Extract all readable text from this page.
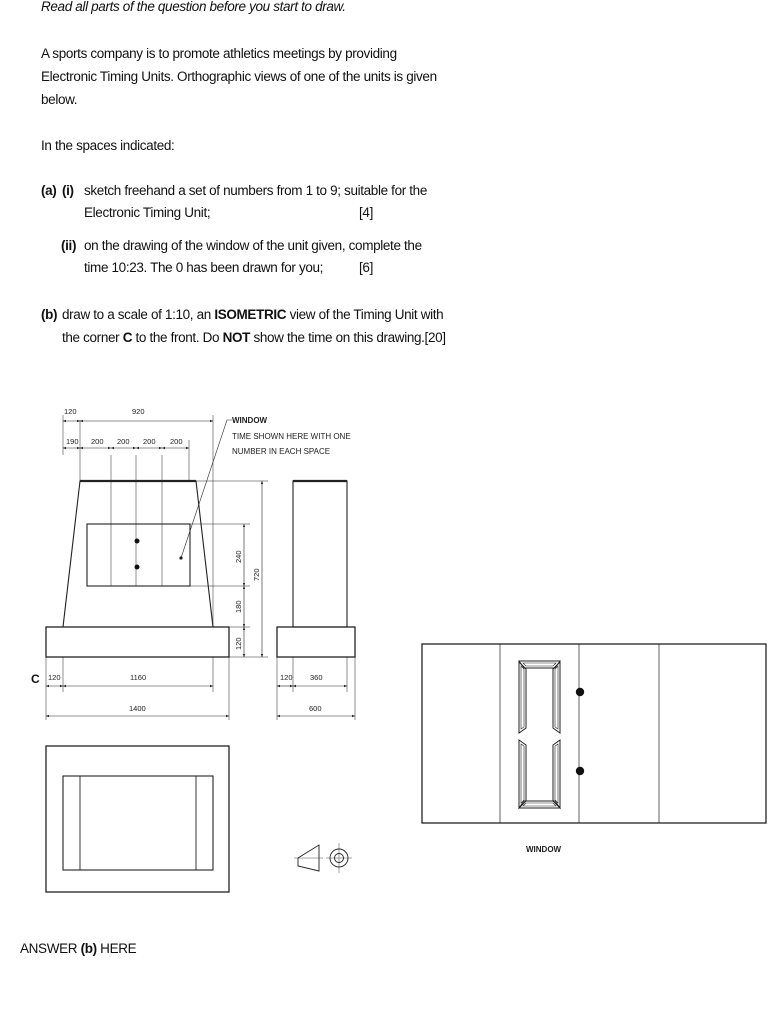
Read all parts of the question before you start to draw.
A sports company is to promote athletics meetings by providing
Electronic Timing Units. Orthographic views of one of the units is given
below.
In the spaces indicated:
(a) (i) sketch freehand a set of numbers from 1 to 9; suitable for the
Electronic Timing Unit;	[4]
(ii) on the drawing of the window of the unit given, complete the
time 10:23. The 0 has been drawn for you;	[6]
(b) draw to a scale of 1:10, an ISOMETRIC view of the Timing Unit with
the corner C to the front. Do NOT show the time on this drawing.[20]
120	920
190 200 200 200 200
240
180
120
720
120	1160
1400
120 360
600
C
WINDOW
TIME SHOWN HERE WITH ONE
NUMBER IN EACH SPACE
WINDOW
ANSWER (b) HERE
